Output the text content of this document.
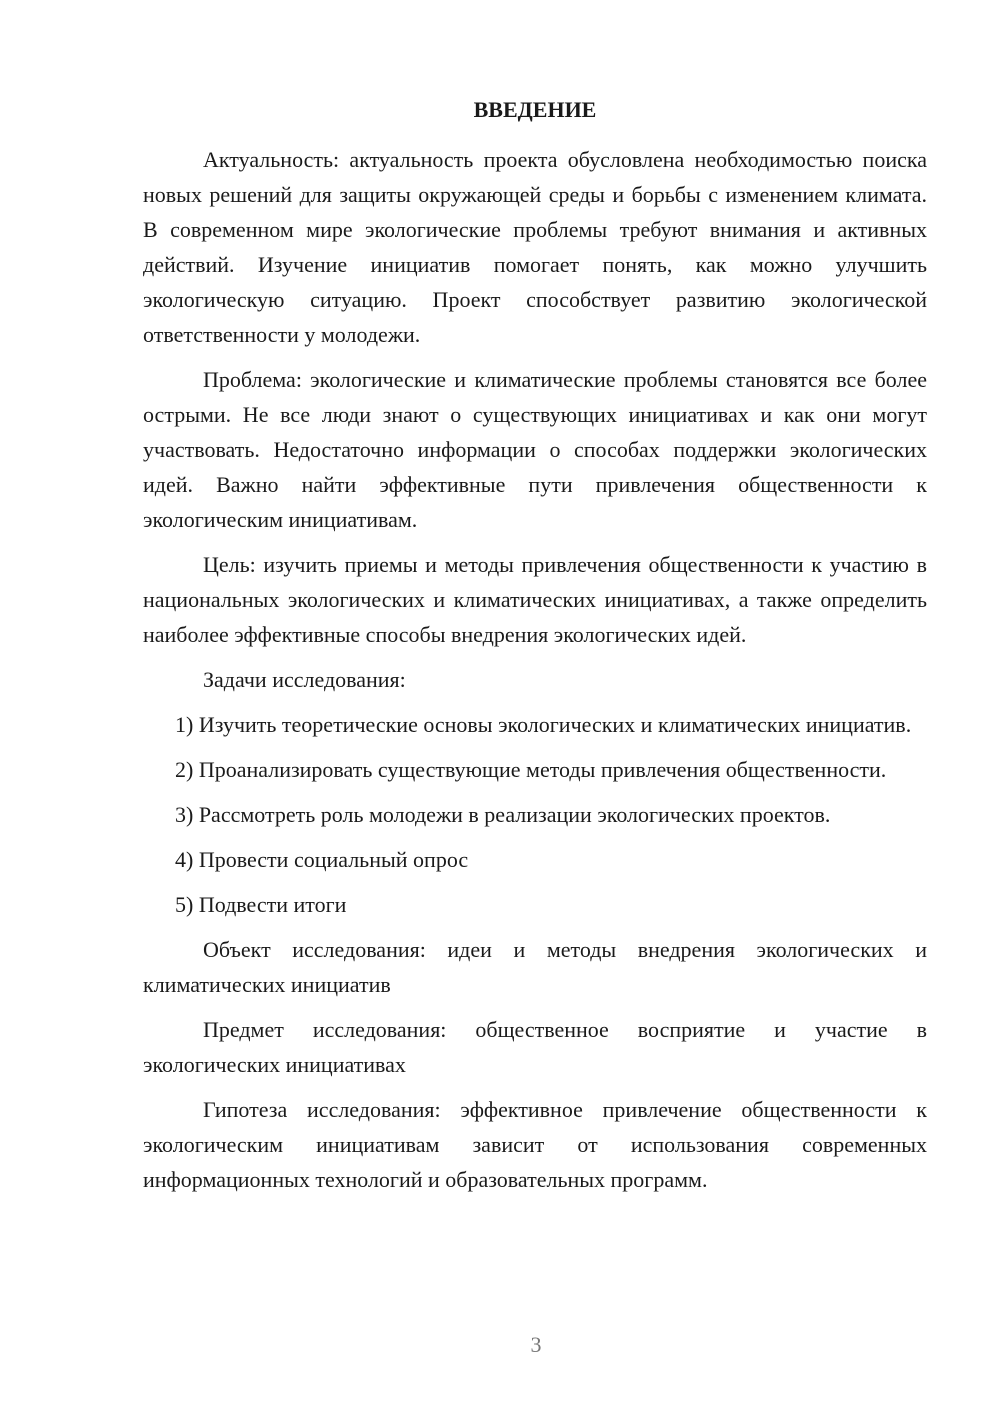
ВВЕДЕНИЕ

Актуальность: актуальность проекта обусловлена необходимостью поиска новых решений для защиты окружающей среды и борьбы с изменением климата. В современном мире экологические проблемы требуют внимания и активных действий. Изучение инициатив помогает понять, как можно улучшить экологическую ситуацию. Проект способствует развитию экологической ответственности у молодежи.

Проблема: экологические и климатические проблемы становятся все более острыми. Не все люди знают о существующих инициативах и как они могут участвовать. Недостаточно информации о способах поддержки экологических идей. Важно найти эффективные пути привлечения общественности к экологическим инициативам.

Цель: изучить приемы и методы привлечения общественности к участию в национальных экологических и климатических инициативах, а также определить наиболее эффективные способы внедрения экологических идей.

Задачи исследования:

1) Изучить теоретические основы экологических и климатических инициатив.

2) Проанализировать существующие методы привлечения общественности.

3) Рассмотреть роль молодежи в реализации экологических проектов.

4) Провести социальный опрос

5) Подвести итоги

Объект исследования: идеи и методы внедрения экологических и климатических инициатив

Предмет исследования: общественное восприятие и участие в экологических инициативах

Гипотеза исследования: эффективное привлечение общественности к экологическим инициативам зависит от использования современных информационных технологий и образовательных программ.

3
